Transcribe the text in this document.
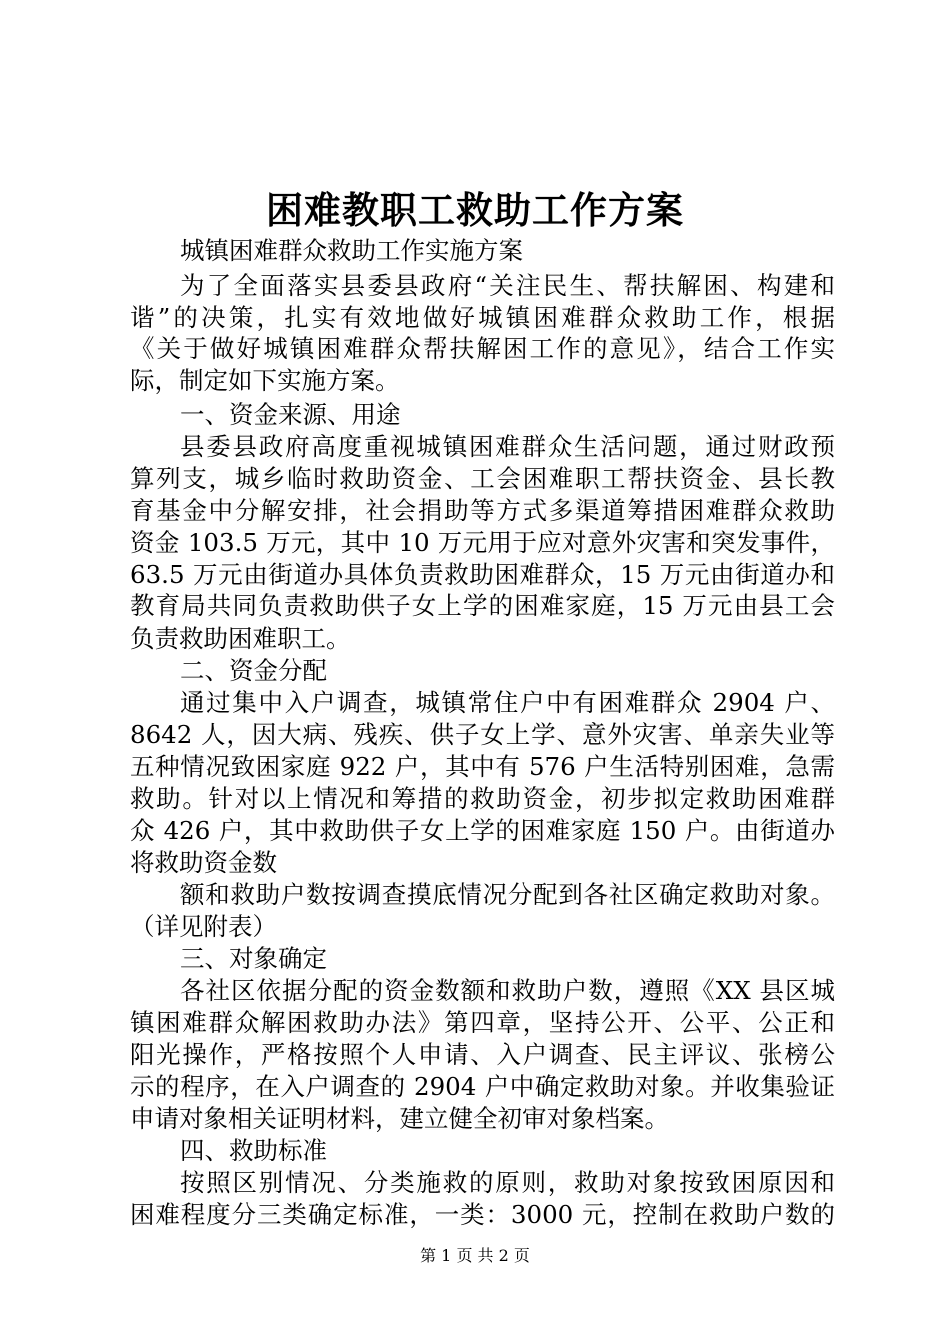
困难教职工救助工作方案
城镇困难群众救助工作实施方案
为了全面落实县委县政府“关注民生、帮扶解困、构建和
谐”的决策，扎实有效地做好城镇困难群众救助工作，根据
《关于做好城镇困难群众帮扶解困工作的意见》，结合工作实
际，制定如下实施方案。
一、资金来源、用途
县委县政府高度重视城镇困难群众生活问题，通过财政预
算列支，城乡临时救助资金、工会困难职工帮扶资金、县长教
育基金中分解安排，社会捐助等方式多渠道筹措困难群众救助
资金 103.5 万元，其中 10 万元用于应对意外灾害和突发事件，
63.5 万元由街道办具体负责救助困难群众，15 万元由街道办和
教育局共同负责救助供子女上学的困难家庭，15 万元由县工会
负责救助困难职工。
二、资金分配
通过集中入户调查，城镇常住户中有困难群众 2904 户、
8642 人，因大病、残疾、供子女上学、意外灾害、单亲失业等
五种情况致困家庭 922 户，其中有 576 户生活特别困难，急需
救助。针对以上情况和筹措的救助资金，初步拟定救助困难群
众 426 户，其中救助供子女上学的困难家庭 150 户。由街道办
将救助资金数
额和救助户数按调查摸底情况分配到各社区确定救助对象。
（详见附表）
三、对象确定
各社区依据分配的资金数额和救助户数，遵照《XX 县区城
镇困难群众解困救助办法》第四章，坚持公开、公平、公正和
阳光操作，严格按照个人申请、入户调查、民主评议、张榜公
示的程序，在入户调查的 2904 户中确定救助对象。并收集验证
申请对象相关证明材料，建立健全初审对象档案。
四、救助标准
按照区别情况、分类施救的原则，救助对象按致困原因和
困难程度分三类确定标准，一类：3000 元，控制在救助户数的
第 1 页 共 2 页
